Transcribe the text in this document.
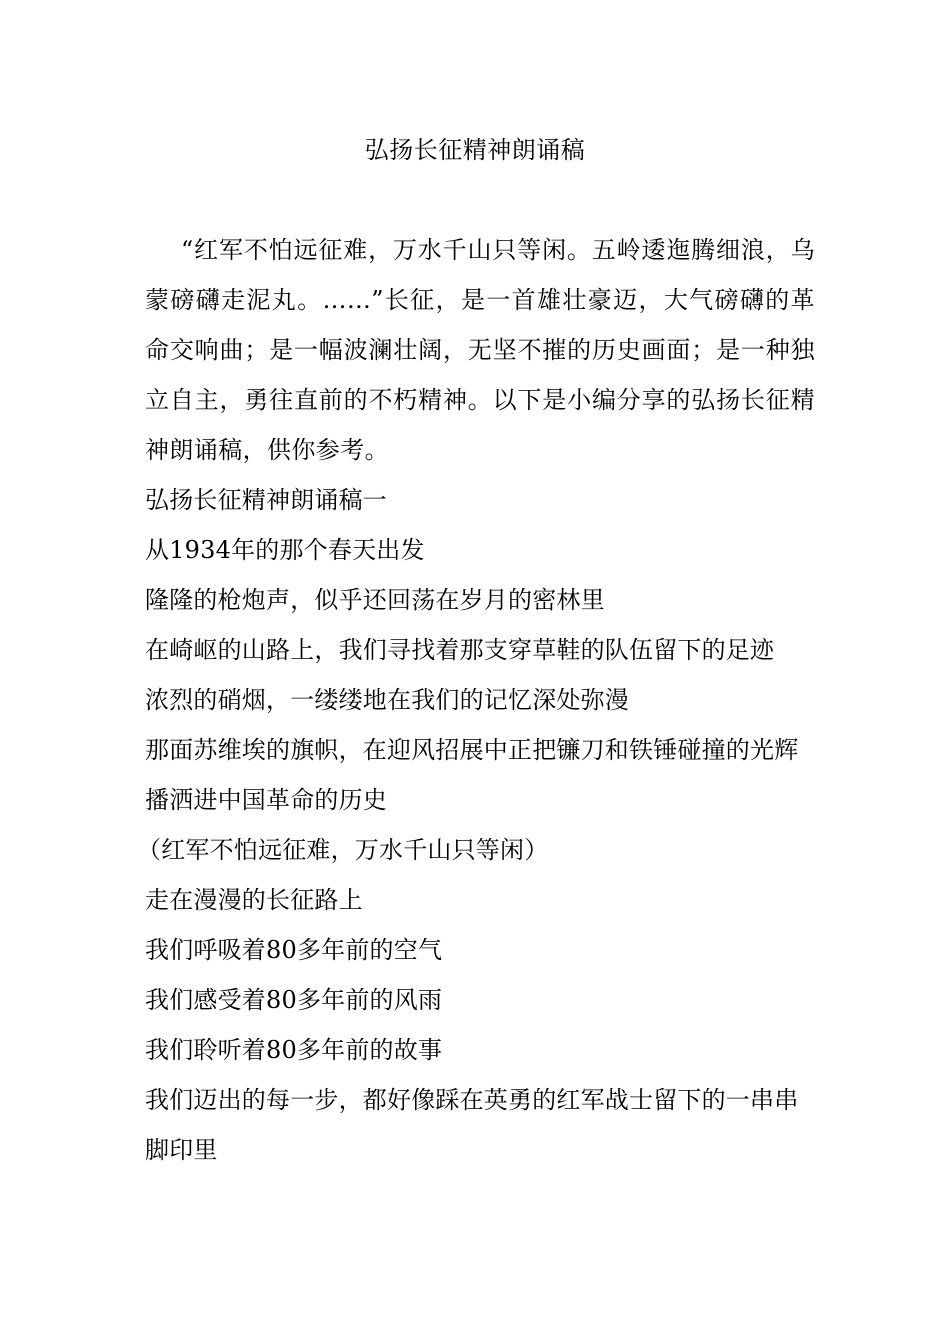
弘扬长征精神朗诵稿

“红军不怕远征难，万水千山只等闲。五岭逶迤腾细浪，乌蒙磅礴走泥丸。……”长征，是一首雄壮豪迈，大气磅礴的革命交响曲；是一幅波澜壮阔，无坚不摧的历史画面；是一种独立自主，勇往直前的不朽精神。以下是小编分享的弘扬长征精神朗诵稿，供你参考。

弘扬长征精神朗诵稿一

从1934年的那个春天出发

隆隆的枪炮声，似乎还回荡在岁月的密林里

在崎岖的山路上，我们寻找着那支穿草鞋的队伍留下的足迹

浓烈的硝烟，一缕缕地在我们的记忆深处弥漫

那面苏维埃的旗帜，在迎风招展中正把镰刀和铁锤碰撞的光辉

播洒进中国革命的历史

（红军不怕远征难，万水千山只等闲）

走在漫漫的长征路上

我们呼吸着80多年前的空气

我们感受着80多年前的风雨

我们聆听着80多年前的故事

我们迈出的每一步，都好像踩在英勇的红军战士留下的一串串脚印里
